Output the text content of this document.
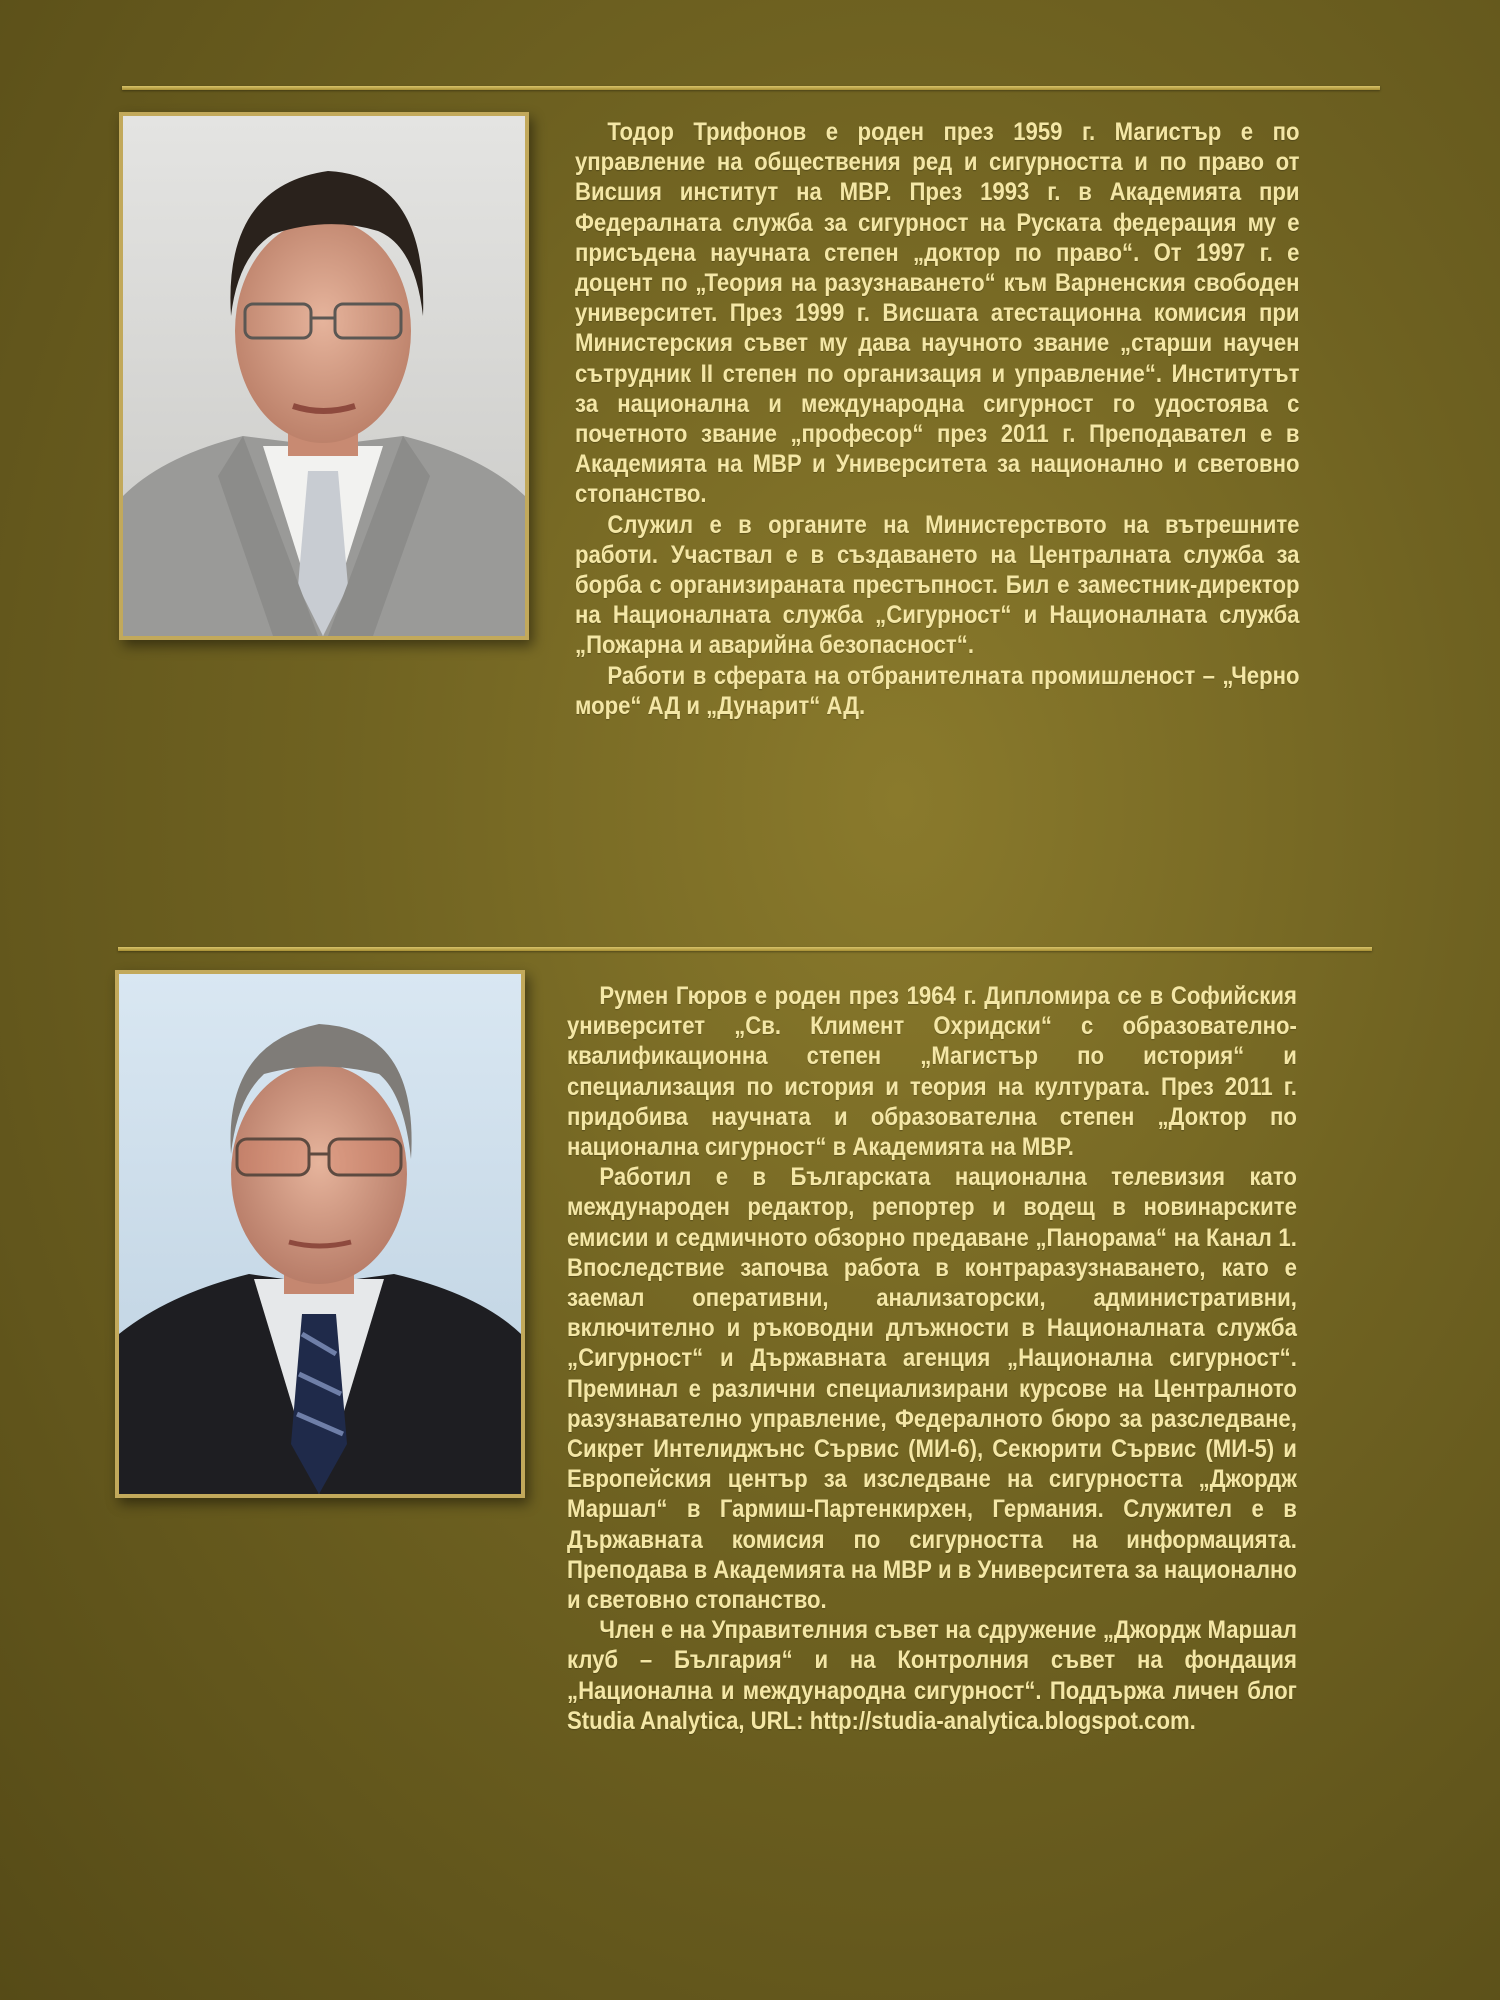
Тодор Трифонов е роден през 1959 г. Магистър е по управление на обществения ред и сигурността и по право от Висшия институт на МВР. През 1993 г. в Академията при Федералната служба за сигурност на Руската федерация му е присъдена научната степен „доктор по право“. От 1997 г. е доцент по „Теория на разузнаването“ към Варненския свободен университет. През 1999 г. Висшата атестационна комисия при Министерския съвет му дава научното звание „старши научен сътрудник II степен по организация и управление“. Институтът за национална и международна сигурност го удостоява с почетното звание „професор“ през 2011 г. Преподавател е в Академията на МВР и Университета за национално и световно стопанство.

Служил е в органите на Министерството на вътрешните работи. Участвал е в създаването на Централната служба за борба с организираната престъпност. Бил е заместник-директор на Националната служба „Сигурност“ и Националната служба „Пожарна и аварийна безопасност“.

Работи в сферата на отбранителната промишленост – „Черно море“ АД и „Дунарит“ АД.

Румен Гюров е роден през 1964 г. Дипломира се в Софийския университет „Св. Климент Охридски“ с образователно-квалификационна степен „Магистър по история“ и специализация по история и теория на културата. През 2011 г. придобива научната и образователна степен „Доктор по национална сигурност“ в Академията на МВР.

Работил е в Българската национална телевизия като международен редактор, репортер и водещ в новинарските емисии и седмичното обзорно предаване „Панорама“ на Канал 1. Впоследствие започва работа в контраразузнаването, като е заемал оперативни, анализаторски, административни, включително и ръководни длъжности в Националната служба „Сигурност“ и Държавната агенция „Национална сигурност“. Преминал е различни специализирани курсове на Централното разузнавателно управление, Федералното бюро за разследване, Сикрет Интелиджънс Сървис (МИ-6), Секюрити Сървис (МИ-5) и Европейския център за изследване на сигурността „Джордж Маршал“ в Гармиш-Партенкирхен, Германия. Служител е в Държавната комисия по сигурността на информацията. Преподава в Академията на МВР и в Университета за национално и световно стопанство.

Член е на Управителния съвет на сдружение „Джордж Маршал клуб – България“ и на Контролния съвет на фондация „Национална и международна сигурност“. Поддържа личен блог Studia Analytica, URL: http://studia-analytica.blogspot.com.
